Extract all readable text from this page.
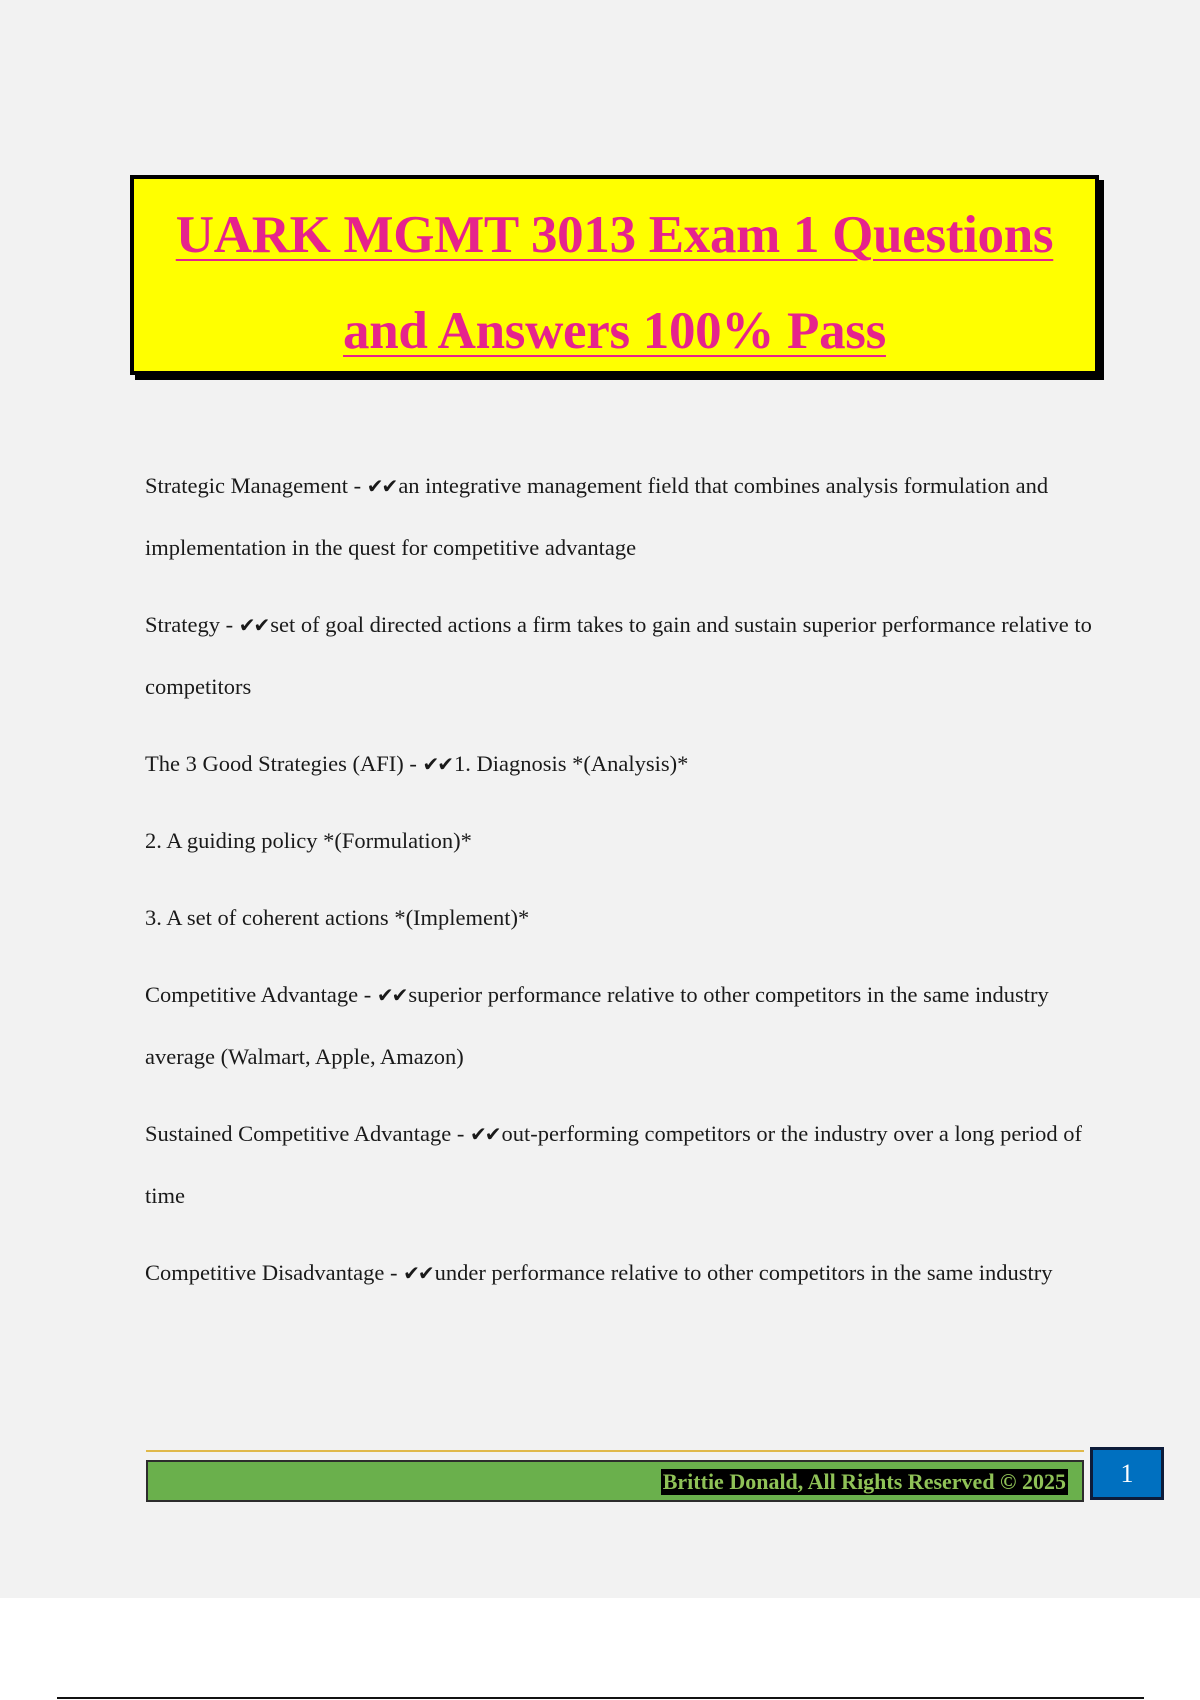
UARK MGMT 3013 Exam 1 Questions
and Answers 100% Pass

Strategic Management - ✔✔an integrative management field that combines analysis formulation and implementation in the quest for competitive advantage

Strategy - ✔✔set of goal directed actions a firm takes to gain and sustain superior performance relative to competitors

The 3 Good Strategies (AFI) - ✔✔1. Diagnosis *(Analysis)*

2. A guiding policy *(Formulation)*

3. A set of coherent actions *(Implement)*

Competitive Advantage - ✔✔superior performance relative to other competitors in the same industry average (Walmart, Apple, Amazon)

Sustained Competitive Advantage - ✔✔out-performing competitors or the industry over a long period of time

Competitive Disadvantage - ✔✔under performance relative to other competitors in the same industry

Brittie Donald, All Rights Reserved © 2025	1
